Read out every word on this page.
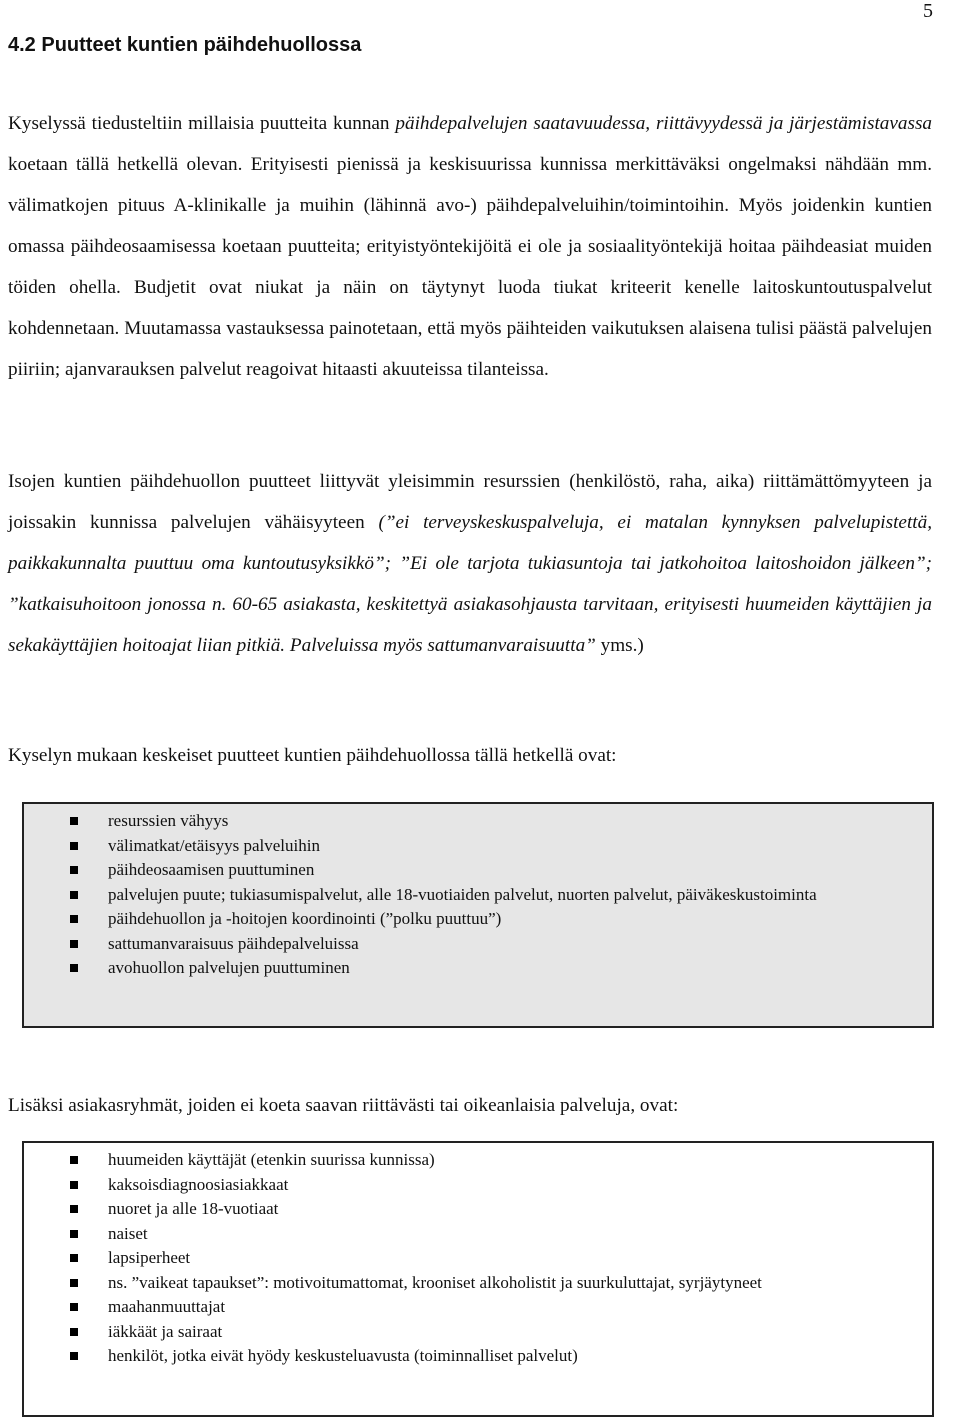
5
4.2 Puutteet kuntien päihdehuollossa

Kyselyssä tiedusteltiin millaisia puutteita kunnan päihdepalvelujen saatavuudessa, riittävyydessä ja järjestämistavassa koetaan tällä hetkellä olevan. Erityisesti pienissä ja keskisuurissa kunnissa merkittäväksi ongelmaksi nähdään mm. välimatkojen pituus A-klinikalle ja muihin (lähinnä avo-) päihdepalveluihin/toimintoihin. Myös joidenkin kuntien omassa päihdeosaamisessa koetaan puutteita; erityistyöntekijöitä ei ole ja sosiaalityöntekijä hoitaa päihdeasiat muiden töiden ohella. Budjetit ovat niukat ja näin on täytynyt luoda tiukat kriteerit kenelle laitoskuntoutuspalvelut kohdennetaan. Muutamassa vastauksessa painotetaan, että myös päihteiden vaikutuksen alaisena tulisi päästä palvelujen piiriin; ajanvarauksen palvelut reagoivat hitaasti akuuteissa tilanteissa.

Isojen kuntien päihdehuollon puutteet liittyvät yleisimmin resurssien (henkilöstö, raha, aika) riittämättömyyteen ja joissakin kunnissa palvelujen vähäisyyteen (”ei terveyskeskuspalveluja, ei matalan kynnyksen palvelupistettä, paikkakunnalta puuttuu oma kuntoutusyksikkö”; ”Ei ole tarjota tukiasuntoja tai jatkohoitoa laitoshoidon jälkeen”; ”katkaisuhoitoon jonossa n. 60-65 asiakasta, keskitettyä asiakasohjausta tarvitaan, erityisesti huumeiden käyttäjien ja sekakäyttäjien hoitoajat liian pitkiä. Palveluissa myös sattumanvaraisuutta” yms.)

Kyselyn mukaan keskeiset puutteet kuntien päihdehuollossa tällä hetkellä ovat:

resurssien vähyys
välimatkat/etäisyys palveluihin
päihdeosaamisen puuttuminen
palvelujen puute; tukiasumispalvelut, alle 18-vuotiaiden palvelut, nuorten palvelut, päiväkeskustoiminta
päihdehuollon ja -hoitojen koordinointi (”polku puuttuu”)
sattumanvaraisuus päihdepalveluissa
avohuollon palvelujen puuttuminen

Lisäksi asiakasryhmät, joiden ei koeta saavan riittävästi tai oikeanlaisia palveluja, ovat:

huumeiden käyttäjät (etenkin suurissa kunnissa)
kaksoisdiagnoosiasiakkaat
nuoret ja alle 18-vuotiaat
naiset
lapsiperheet
ns. ”vaikeat tapaukset”: motivoitumattomat, krooniset alkoholistit ja suurkuluttajat, syrjäytyneet
maahanmuuttajat
iäkkäät ja sairaat
henkilöt, jotka eivät hyödy keskusteluavusta (toiminnalliset palvelut)
